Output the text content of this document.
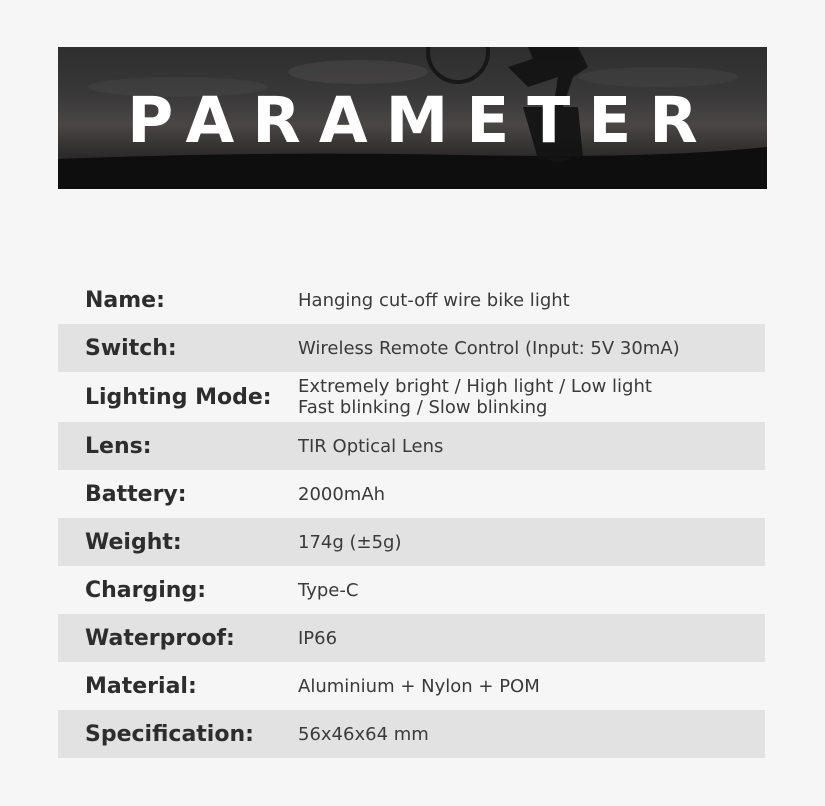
PARAMETER
Name:	Hanging cut-off wire bike light
Switch:	Wireless Remote Control (Input: 5V 30mA)
Lighting Mode: Extremely bright / High light / Low light
Fast blinking / Slow blinking
Lens:	TIR Optical Lens
Battery:	2000mAh
Weight:	174g (±5g)
Charging:	Type-C
Waterproof:	IP66
Material:	Aluminium + Nylon + POM
Specification: 56x46x64 mm
